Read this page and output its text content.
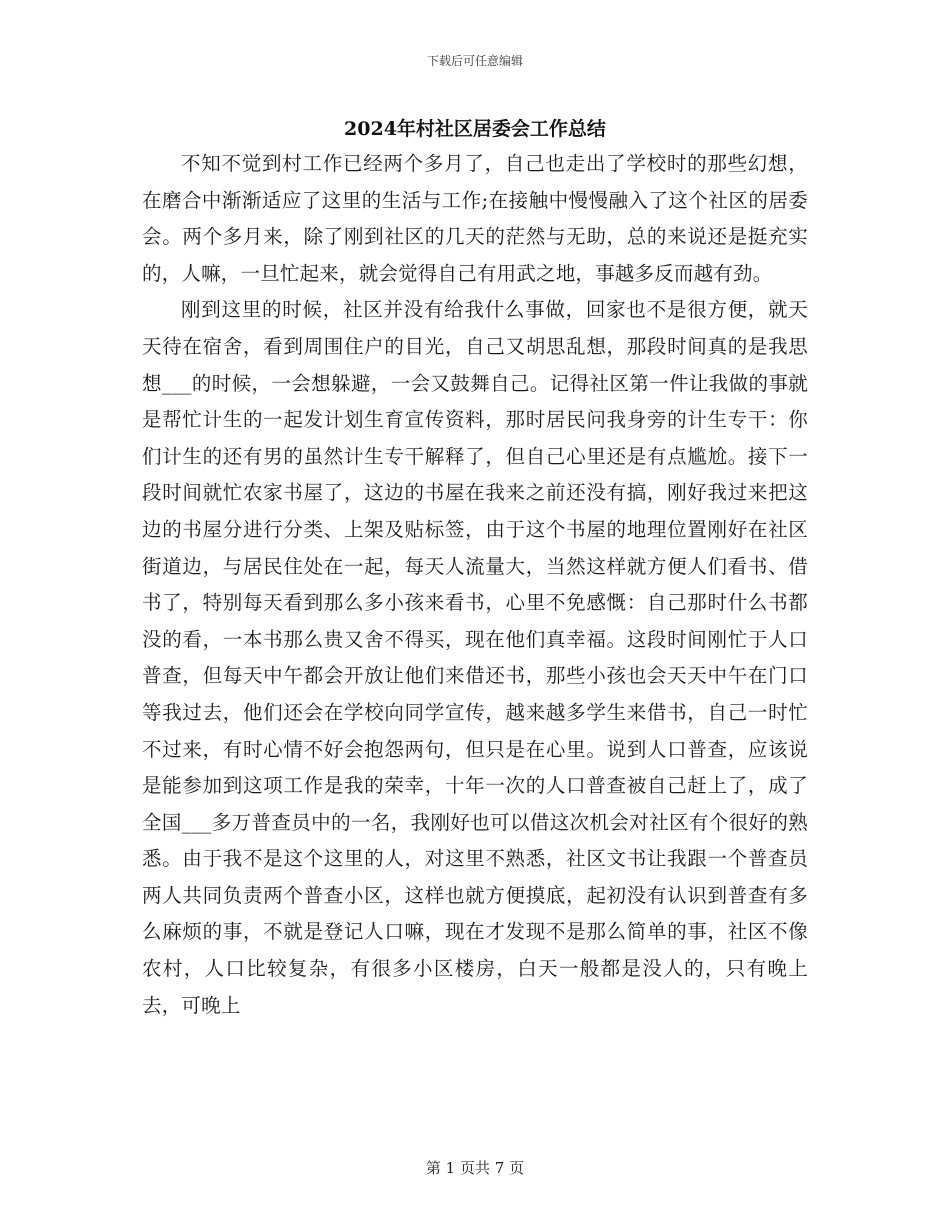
下载后可任意编辑
2024年村社区居委会工作总结

不知不觉到村工作已经两个多月了，自己也走出了学校时的那些幻想，在磨合中渐渐适应了这里的生活与工作;在接触中慢慢融入了这个社区的居委会。两个多月来，除了刚到社区的几天的茫然与无助，总的来说还是挺充实的，人嘛，一旦忙起来，就会觉得自己有用武之地，事越多反而越有劲。

刚到这里的时候，社区并没有给我什么事做，回家也不是很方便，就天天待在宿舍，看到周围住户的目光，自己又胡思乱想，那段时间真的是我思想___的时候，一会想躲避，一会又鼓舞自己。记得社区第一件让我做的事就是帮忙计生的一起发计划生育宣传资料，那时居民问我身旁的计生专干：你们计生的还有男的虽然计生专干解释了，但自己心里还是有点尴尬。接下一段时间就忙农家书屋了，这边的书屋在我来之前还没有搞，刚好我过来把这边的书屋分进行分类、上架及贴标签，由于这个书屋的地理位置刚好在社区街道边，与居民住处在一起，每天人流量大，当然这样就方便人们看书、借书了，特别每天看到那么多小孩来看书，心里不免感慨：自己那时什么书都没的看，一本书那么贵又舍不得买，现在他们真幸福。这段时间刚忙于人口普查，但每天中午都会开放让他们来借还书，那些小孩也会天天中午在门口等我过去，他们还会在学校向同学宣传，越来越多学生来借书，自己一时忙不过来，有时心情不好会抱怨两句，但只是在心里。说到人口普查，应该说是能参加到这项工作是我的荣幸，十年一次的人口普查被自己赶上了，成了全国___多万普查员中的一名，我刚好也可以借这次机会对社区有个很好的熟悉。由于我不是这个这里的人，对这里不熟悉，社区文书让我跟一个普查员两人共同负责两个普查小区，这样也就方便摸底，起初没有认识到普查有多么麻烦的事，不就是登记人口嘛，现在才发现不是那么简单的事，社区不像农村，人口比较复杂，有很多小区楼房，白天一般都是没人的，只有晚上去，可晚上

第 1 页共 7 页
